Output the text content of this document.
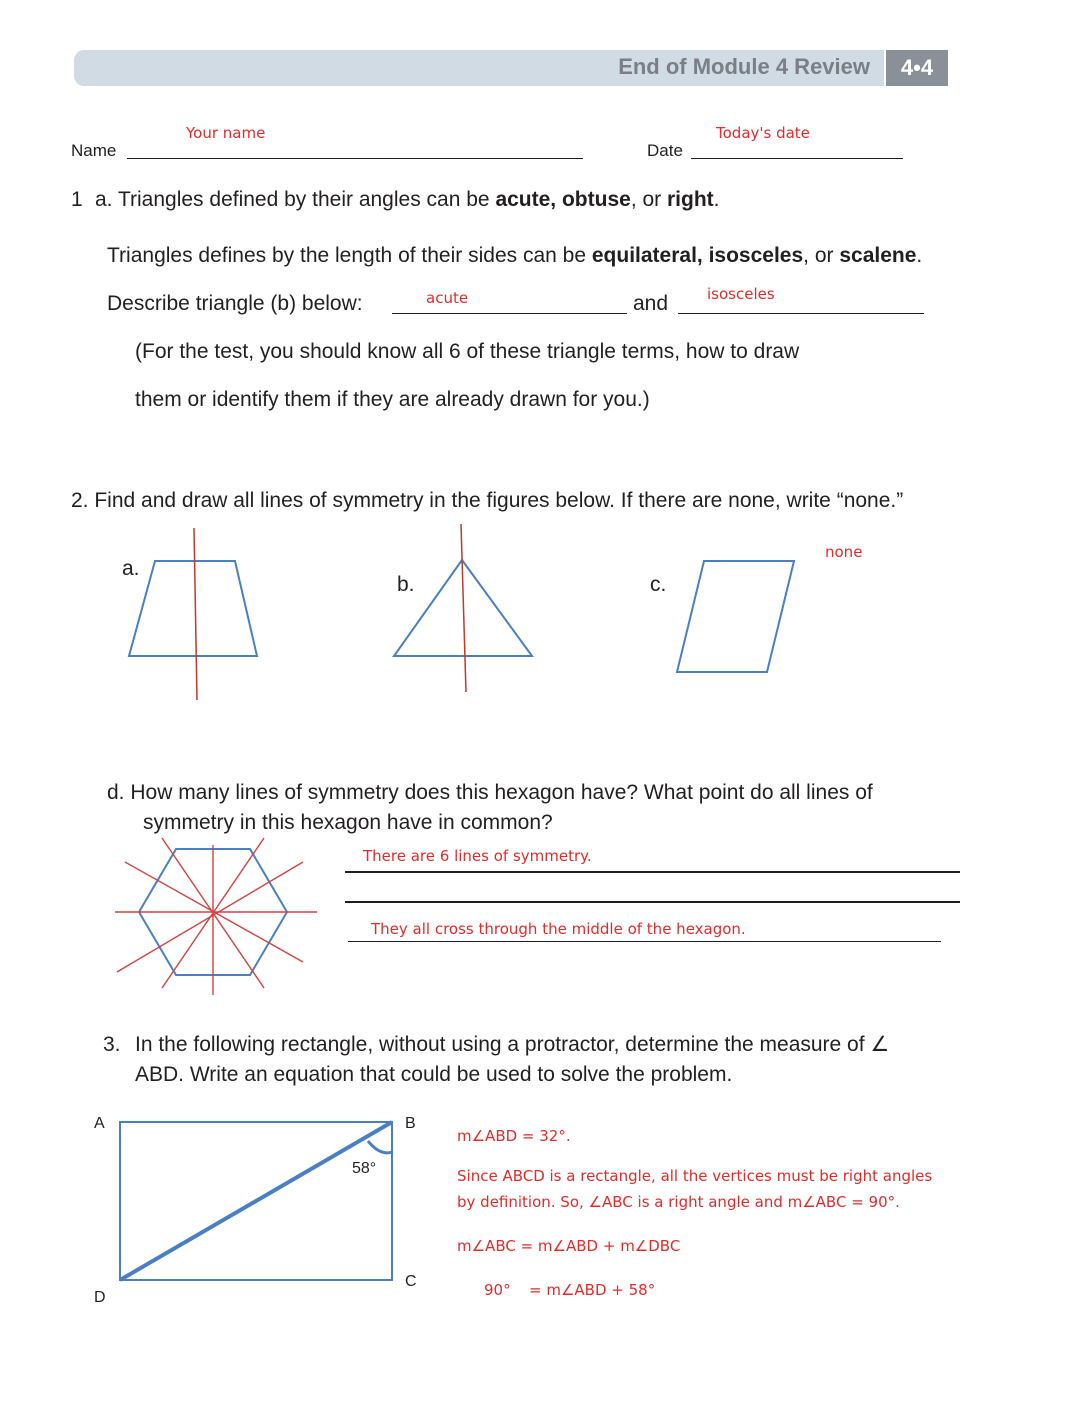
End of Module 4 Review	4•4
Name
Your name
Date
Today's date
1 a. Triangles defined by their angles can be acute, obtuse, or right.
Triangles defines by the length of their sides can be equilateral, isosceles, or scalene.
Describe triangle (b) below:	acute	and	isosceles
(For the test, you should know all 6 of these triangle terms, how to draw
them or identify them if they are already drawn for you.)
2. Find and draw all lines of symmetry in the figures below. If there are none, write “none.”
a.
b.	c.
none
d. How many lines of symmetry does this hexagon have? What point do all lines of
symmetry in this hexagon have in common?
There are 6 lines of symmetry.
They all cross through the middle of the hexagon.
3. In the following rectangle, without using a protractor, determine the measure of ∠
ABD. Write an equation that could be used to solve the problem.
A	B
C
D
58°
m∠ABD = 32°.
Since ABCD is a rectangle, all the vertices must be right angles
by definition. So, ∠ABC is a right angle and m∠ABC = 90°.
m∠ABC = m∠ABD + m∠DBC
90° = m∠ABD + 58°
